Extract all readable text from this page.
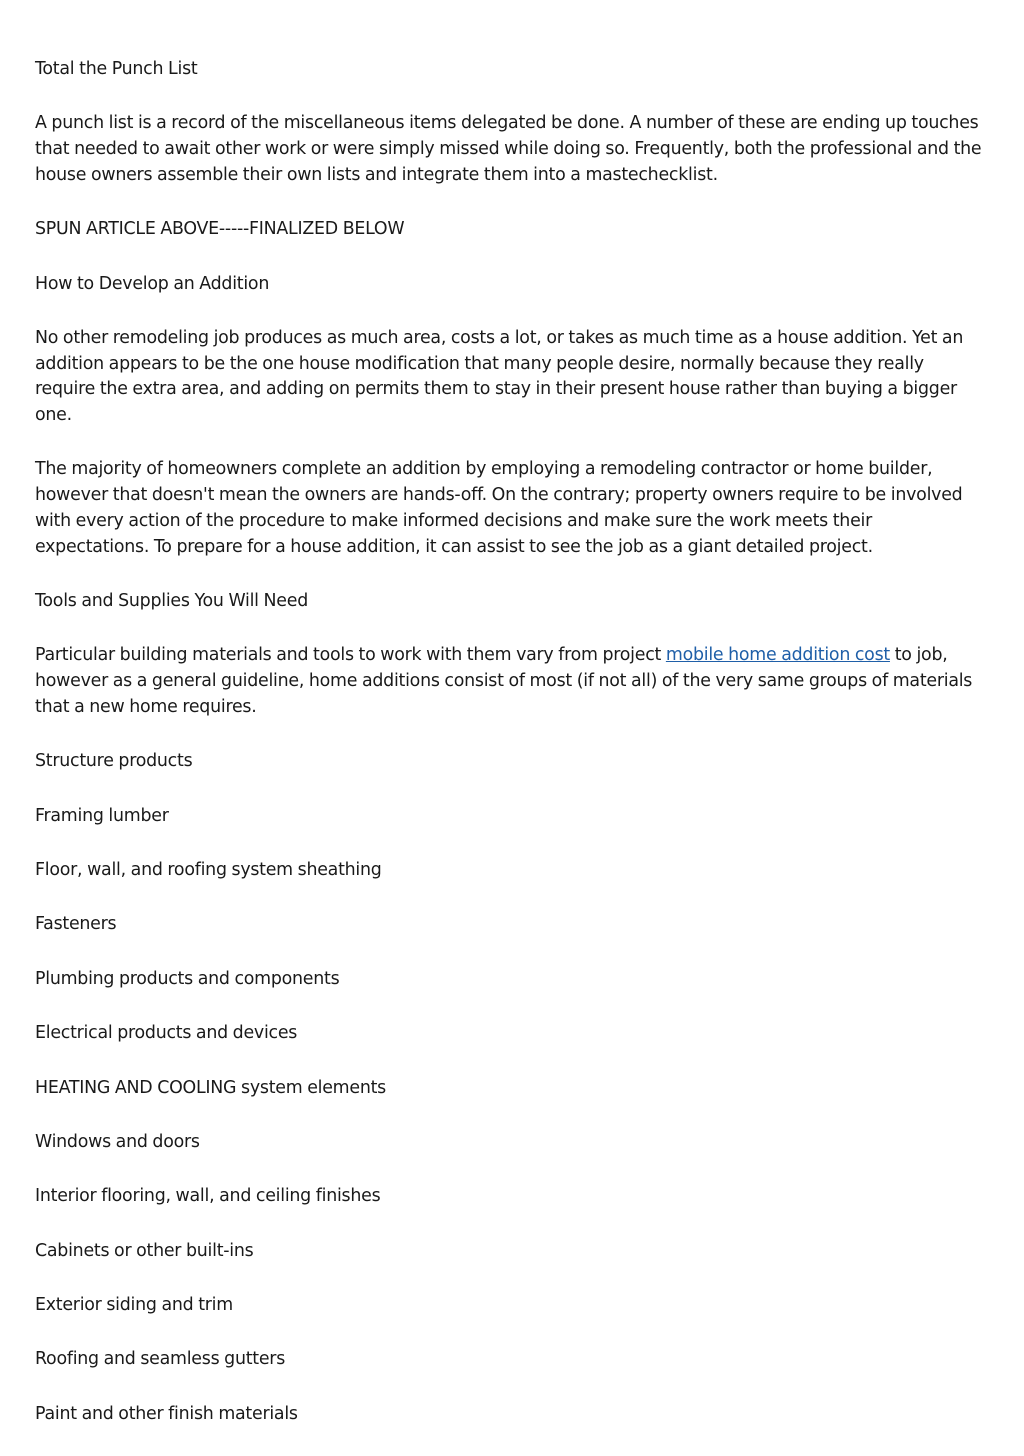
Total the Punch List

A punch list is a record of the miscellaneous items delegated be done. A number of these are ending up touches that needed to await other work or were simply missed while doing so. Frequently, both the professional and the house owners assemble their own lists and integrate them into a mastechecklist.

SPUN ARTICLE ABOVE-----FINALIZED BELOW

How to Develop an Addition

No other remodeling job produces as much area, costs a lot, or takes as much time as a house addition. Yet an addition appears to be the one house modification that many people desire, normally because they really require the extra area, and adding on permits them to stay in their present house rather than buying a bigger one.

The majority of homeowners complete an addition by employing a remodeling contractor or home builder, however that doesn't mean the owners are hands-off. On the contrary; property owners require to be involved with every action of the procedure to make informed decisions and make sure the work meets their expectations. To prepare for a house addition, it can assist to see the job as a giant detailed project.

Tools and Supplies You Will Need

Particular building materials and tools to work with them vary from project mobile home addition cost to job, however as a general guideline, home additions consist of most (if not all) of the very same groups of materials that a new home requires.

Structure products

Framing lumber

Floor, wall, and roofing system sheathing

Fasteners

Plumbing products and components

Electrical products and devices

HEATING AND COOLING system elements

Windows and doors

Interior flooring, wall, and ceiling finishes

Cabinets or other built-ins

Exterior siding and trim

Roofing and seamless gutters

Paint and other finish materials
